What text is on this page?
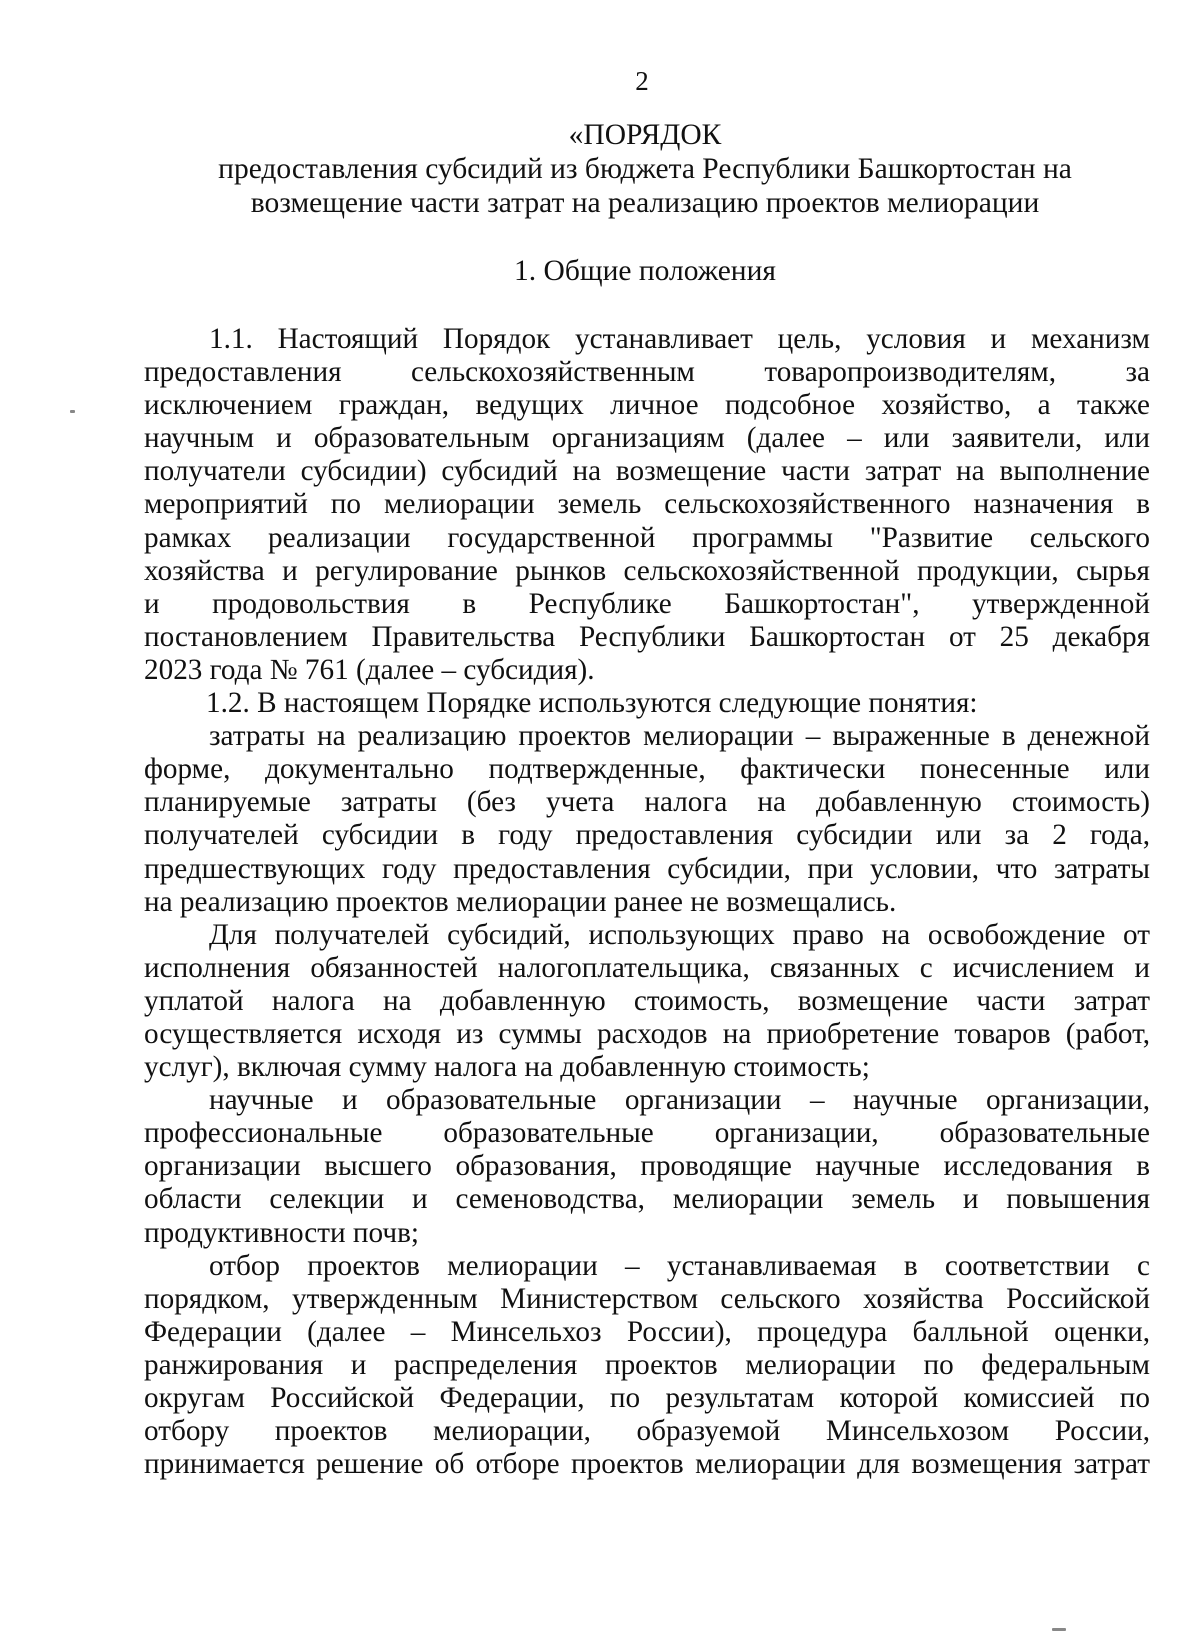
2
«ПОРЯДОК
предоставления субсидий из бюджета Республики Башкортостан на
возмещение части затрат на реализацию проектов мелиорации
1. Общие положения
1.1. Настоящий Порядок устанавливает цель, условия и механизм
предоставления сельскохозяйственным товаропроизводителям, за
исключением граждан, ведущих личное подсобное хозяйство, а также
научным и образовательным организациям (далее – или заявители, или
получатели субсидии) субсидий на возмещение части затрат на выполнение
мероприятий по мелиорации земель сельскохозяйственного назначения в
рамках реализации государственной программы "Развитие сельского
хозяйства и регулирование рынков сельскохозяйственной продукции, сырья
и продовольствия в Республике Башкортостан", утвержденной
постановлением Правительства Республики Башкортостан от 25 декабря
2023 года № 761 (далее – субсидия).
1.2. В настоящем Порядке используются следующие понятия:
затраты на реализацию проектов мелиорации – выраженные в денежной
форме, документально подтвержденные, фактически понесенные или
планируемые затраты (без учета налога на добавленную стоимость)
получателей субсидии в году предоставления субсидии или за 2 года,
предшествующих году предоставления субсидии, при условии, что затраты
на реализацию проектов мелиорации ранее не возмещались.
Для получателей субсидий, использующих право на освобождение от
исполнения обязанностей налогоплательщика, связанных с исчислением и
уплатой налога на добавленную стоимость, возмещение части затрат
осуществляется исходя из суммы расходов на приобретение товаров (работ,
услуг), включая сумму налога на добавленную стоимость;
научные и образовательные организации – научные организации,
профессиональные образовательные организации, образовательные
организации высшего образования, проводящие научные исследования в
области селекции и семеноводства, мелиорации земель и повышения
продуктивности почв;
отбор проектов мелиорации – устанавливаемая в соответствии с
порядком, утвержденным Министерством сельского хозяйства Российской
Федерации (далее – Минсельхоз России), процедура балльной оценки,
ранжирования и распределения проектов мелиорации по федеральным
округам Российской Федерации, по результатам которой комиссией по
отбору проектов мелиорации, образуемой Минсельхозом России,
принимается решение об отборе проектов мелиорации для возмещения затрат
